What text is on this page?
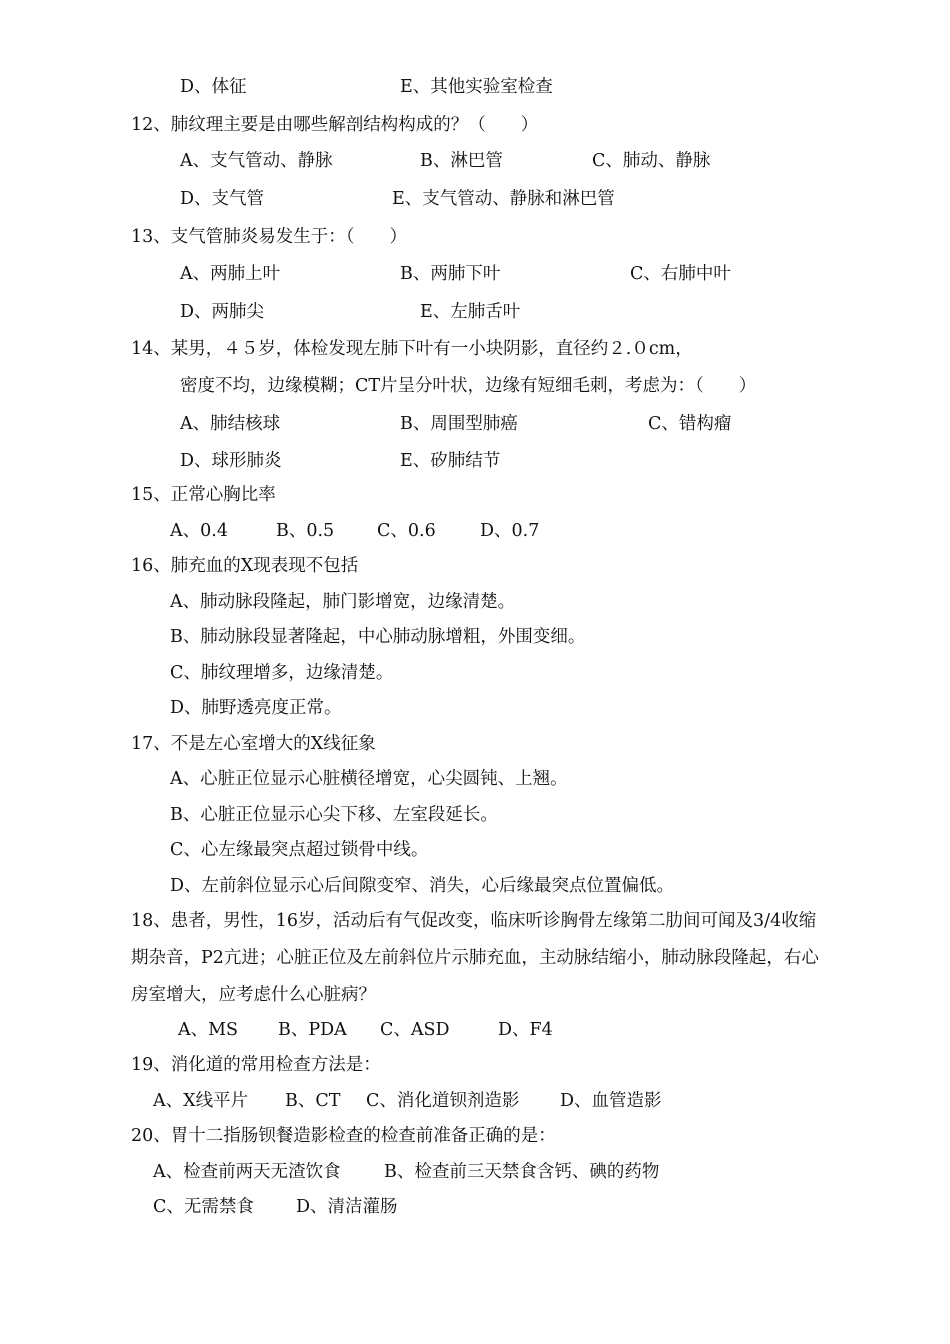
D、体征	E、其他实验室检查
12、肺纹理主要是由哪些解剖结构构成的？（　　）
A、支气管动、静脉	B、淋巴管	C、肺动、静脉
D、支气管	E、支气管动、静脉和淋巴管
13、支气管肺炎易发生于：（　　）
A、两肺上叶	B、两肺下叶	C、右肺中叶
D、两肺尖	E、左肺舌叶
14、某男，４５岁，体检发现左肺下叶有一小块阴影，直径约２.０cm，
密度不均，边缘模糊；CT片呈分叶状，边缘有短细毛刺，考虑为：（　　）
A、肺结核球	B、周围型肺癌	C、错构瘤
D、球形肺炎	E、矽肺结节
15、正常心胸比率
A、0.4	B、0.5 C、0.6	D、0.7
16、肺充血的X现表现不包括
A、肺动脉段隆起，肺门影增宽，边缘清楚。
B、肺动脉段显著隆起，中心肺动脉增粗，外围变细。
C、肺纹理增多，边缘清楚。
D、肺野透亮度正常。
17、不是左心室增大的X线征象
A、心脏正位显示心脏横径增宽，心尖圆钝、上翘。
B、心脏正位显示心尖下移、左室段延长。
C、心左缘最突点超过锁骨中线。
D、左前斜位显示心后间隙变窄、消失，心后缘最突点位置偏低。
18、患者，男性，16岁，活动后有气促改变，临床听诊胸骨左缘第二肋间可闻及3/4收缩
期杂音，P2亢进；心脏正位及左前斜位片示肺充血，主动脉结缩小，肺动脉段隆起，右心
房室增大，应考虑什么心脏病？
A、MS B、PDA C、ASD	D、F4
19、消化道的常用检查方法是：
A、X线平片 B、CT C、消化道钡剂造影 D、血管造影
20、胃十二指肠钡餐造影检查的检查前准备正确的是：
A、检查前两天无渣饮食 B、检查前三天禁食含钙、碘的药物
C、无需禁食 D、清洁灌肠
